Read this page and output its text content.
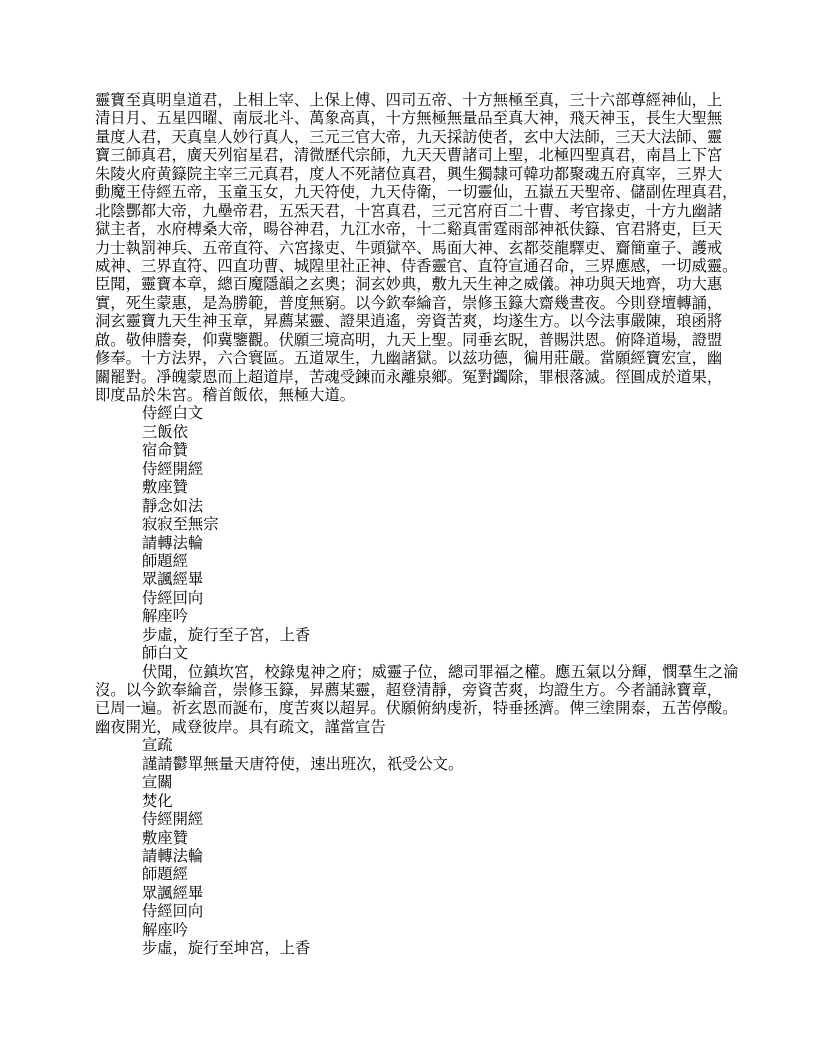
靈寶至真明皇道君，上相上宰、上保上傅、四司五帝、十方無極至真，三十六部尊經神仙，上
清日月、五星四曜、南辰北斗、萬象高真，十方無極無量品至真大神，飛天神玉，長生大聖無
量度人君，天真皇人妙行真人，三元三官大帝，九天採訪使者，玄中大法師，三天大法師、靈
寶三師真君，廣天列宿星君，清微歷代宗師，九天天曹諸司上聖，北極四聖真君，南昌上下宮
朱陵火府黄籙院主宰三元真君，度人不死諸位真君，興生獨隸可韓功都聚魂五府真宰，三界大
動魔王侍經五帝，玉童玉女，九天符使，九天侍衛，一切靈仙，五嶽五天聖帝、儲副佐理真君，
北陰酆都大帝，九壘帝君，五炁天君，十宮真君，三元宮府百二十曹、考官掾吏，十方九幽諸
獄主者，水府榑桑大帝，暘谷神君，九江水帝，十二谿真雷霆雨部神祇伕籙、官君將吏，巨天
力士執罰神兵、五帝直符、六宮掾吏、牛頭獄卒、馬面大神、玄都茭龍驛吏、齎簡童子、護戒
威神、三界直符、四直功曹、城隍里社正神、侍香靈官、直符宣通召命，三界應感，一切威靈。
臣聞，靈寶本章，總百魔隱韻之玄奧；洞玄妙典，敷九天生神之威儀。神功與天地齊，功大惠
實，死生蒙惠，是為勝範，普度無窮。以今欽奉綸音，崇修玉籙大齋幾晝夜。今則登壇轉誦，
洞玄靈寶九天生神玉章，昇薦某靈、證果逍遙，旁資苦爽，均遂生方。以今法事嚴陳，琅函將
啟。敬伸謄奏，仰冀鑒觀。伏願三境高明，九天上聖。同垂玄眖，普賜洪恩。俯降道場，證盟
修奉。十方法界，六合寰區。五道眾生，九幽諸獄。以兹功德，徧用莊嚴。當願經寶宏宣，幽
關罷對。凈魄蒙恩而上超道岸，苦魂受鍊而永離泉鄉。冤對蠲除，罪根落滅。徑圓成於道果，
即度品於朱宮。稽首飯依，無極大道。
侍經白文
三飯依
宿命贊
侍經開經
敷座贊
靜念如法
寂寂至無宗
請轉法輪
師題經
眾諷經畢
侍經回向
解座吟
步虛，旋行至子宮，上香
師白文
伏聞，位鎮坎宮，校錄鬼神之府；威靈子位，總司罪福之權。應五氣以分輝，憫羣生之淪
沒。以今欽奉綸音，崇修玉籙，昇薦某靈，超登清靜，旁資苦爽，均證生方。今者誦詠寶章，
已周一遍。祈玄恩而誕布，度苦爽以超昇。伏願俯納虔祈，特垂拯濟。俾三塗開泰，五苦停酸。
幽夜開光，咸登彼岸。具有疏文，謹當宣告
宣疏
謹請鬱單無量天唐符使，速出班次，祇受公文。
宣關
焚化
侍經開經
敷座贊
請轉法輪
師題經
眾諷經畢
侍經回向
解座吟
步虛，旋行至坤宮，上香
